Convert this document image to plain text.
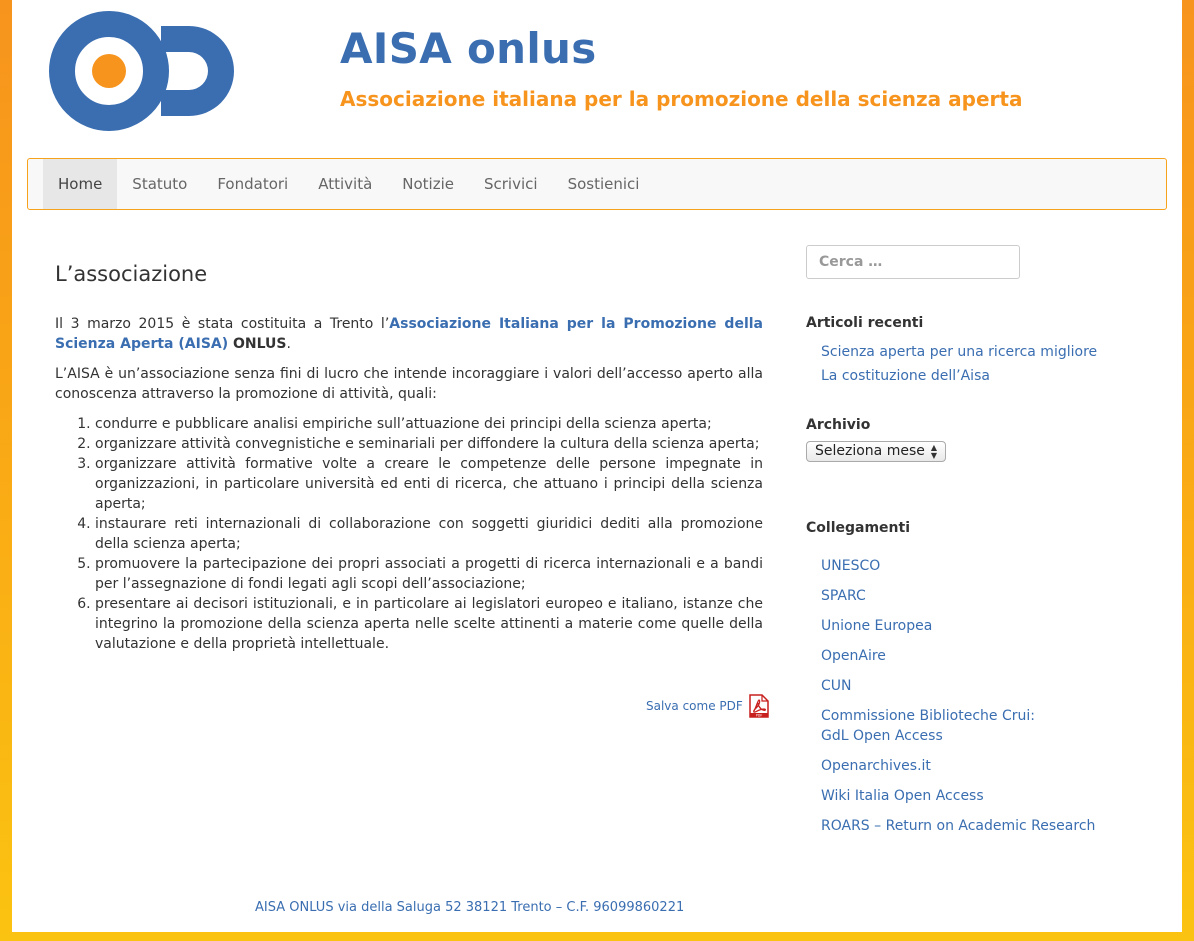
AISA onlus
Associazione italiana per la promozione della scienza aperta
Home	Statuto	Fondatori	Attività	Notizie	Scrivici	Sostienici
L’associazione

Il 3 marzo 2015 è stata costituita a Trento l’Associazione Italiana per la Promozione della Scienza Aperta (AISA) ONLUS.

L’AISA è un’associazione senza fini di lucro che intende incoraggiare i valori dell’accesso aperto alla conoscenza attraverso la promozione di attività, quali:

1. condurre e pubblicare analisi empiriche sull’attuazione dei principi della scienza aperta;
2. organizzare attività convegnistiche e seminariali per diffondere la cultura della scienza aperta;
3. organizzare attività formative volte a creare le competenze delle persone impegnate in organizzazioni, in particolare università ed enti di ricerca, che attuano i principi della scienza aperta;
4. instaurare reti internazionali di collaborazione con soggetti giuridici dediti alla promozione della scienza aperta;
5. promuovere la partecipazione dei propri associati a progetti di ricerca internazionali e a bandi per l’assegnazione di fondi legati agli scopi dell’associazione;
6. presentare ai decisori istituzionali, e in particolare ai legislatori europeo e italiano, istanze che integrino la promozione della scienza aperta nelle scelte attinenti a materie come quelle della valutazione e della proprietà intellettuale.
Salva come PDF
PDF
Cerca …
Articoli recenti
Scienza aperta per una ricerca migliore
La costituzione dell’Aisa
Archivio
Seleziona mese ▲
▼
Collegamenti
UNESCO
SPARC
Unione Europea
OpenAire
CUN
Commissione Biblioteche Crui:
GdL Open Access
Openarchives.it
Wiki Italia Open Access
ROARS – Return on Academic Research
AISA ONLUS via della Saluga 52 38121 Trento – C.F. 96099860221
